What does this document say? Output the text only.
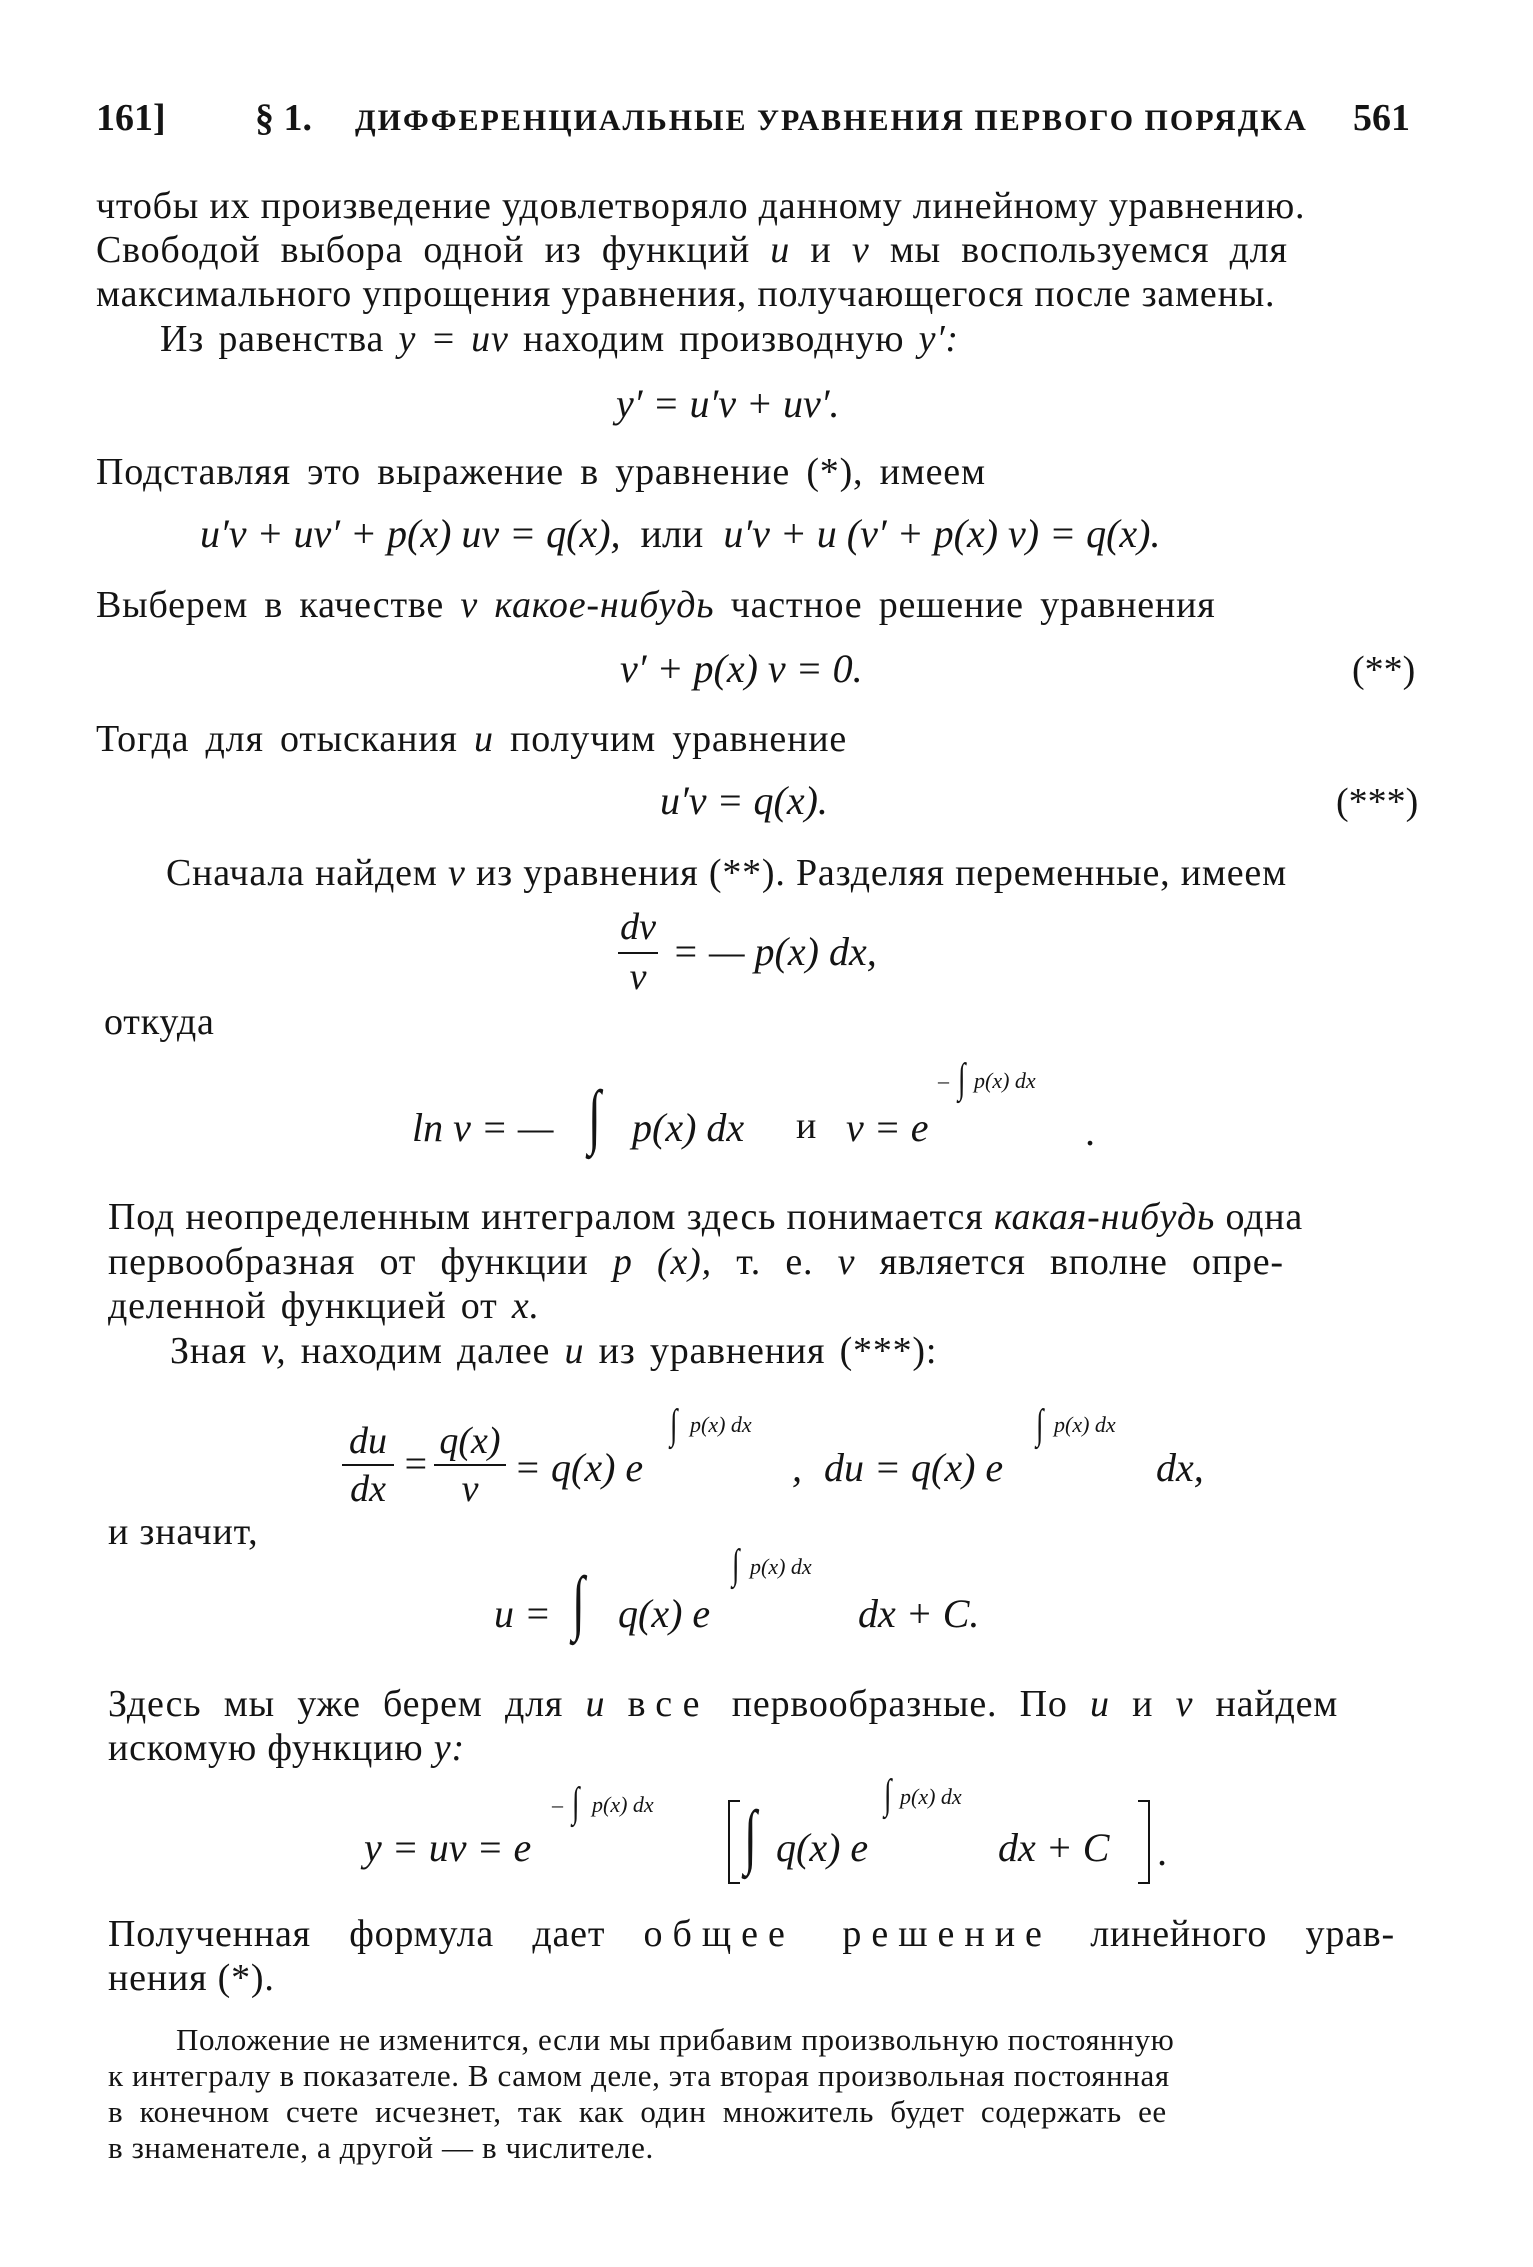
161] § 1. ДИФФЕРЕНЦИАЛЬНЫЕ УРАВНЕНИЯ ПЕРВОГО ПОРЯДКА 561
чтобы их произведение удовлетворяло данному линейному уравнению.
Свободой выбора одной из функций u и v мы воспользуемся для
максимального упрощения уравнения, получающегося после замены.
Из равенства y = uv находим производную y′:
y′ = u′v + uv′.
Подставляя это выражение в уравнение (*), имеем
u′v + uv′ + p(x) uv = q(x), или u′v + u (v′ + p(x) v) = q(x).
Выберем в качестве v какое-нибудь частное решение уравнения
v′ + p(x) v = 0.	(**)
Тогда для отыскания u получим уравнение
u′v = q(x).	(***)
Сначала найдем v из уравнения (**). Разделяя переменные, имеем
dv
v
= — p(x) dx,
откуда
ln v = — ∫ p(x) dx и v = e
– ∫ p(x) dx
.
Под неопределенным интегралом здесь понимается какая-нибудь одна
первообразная от функции p (x), т. е. v является вполне опре-
деленной функцией от x.
Зная v, находим далее u из уравнения (***):
du
dx
= q(x)
v = q(x) e
∫ p(x) dx
, du = q(x) e
∫ p(x) dx
dx,
и значит,
u = ∫ q(x) e
∫ p(x) dx
dx + C.
Здесь мы уже берем для u все первообразные. По u и v найдем
искомую функцию y:
y = uv = e
– ∫ p(x) dx ∫ q(x) e
∫ p(x) dx
dx + C .
Полученная формула дает общее решение линейного урав-
нения (*).
Положение не изменится, если мы прибавим произвольную постоянную
к интегралу в показателе. В самом деле, эта вторая произвольная постоянная
в конечном счете исчезнет, так как один множитель будет содержать ее
в знаменателе, а другой — в числителе.
